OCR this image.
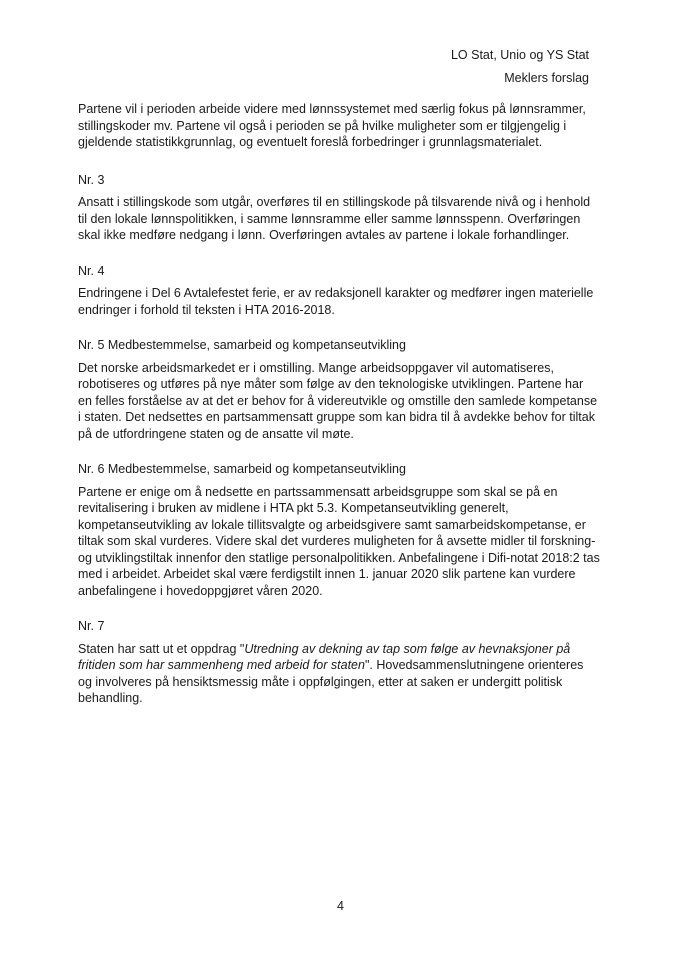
LO Stat, Unio og YS Stat
Meklers forslag

Partene vil i perioden arbeide videre med lønnssystemet med særlig fokus på lønnsrammer, stillingskoder mv. Partene vil også i perioden se på hvilke muligheter som er tilgjengelig i gjeldende statistikkgrunnlag, og eventuelt foreslå forbedringer i grunnlagsmaterialet.

Nr. 3

Ansatt i stillingskode som utgår, overføres til en stillingskode på tilsvarende nivå og i henhold til den lokale lønnspolitikken, i samme lønnsramme eller samme lønnsspenn. Overføringen skal ikke medføre nedgang i lønn. Overføringen avtales av partene i lokale forhandlinger.

Nr. 4

Endringene i Del 6 Avtalefestet ferie, er av redaksjonell karakter og medfører ingen materielle endringer i forhold til teksten i HTA 2016-2018.

Nr. 5 Medbestemmelse, samarbeid og kompetanseutvikling

Det norske arbeidsmarkedet er i omstilling. Mange arbeidsoppgaver vil automatiseres, robotiseres og utføres på nye måter som følge av den teknologiske utviklingen. Partene har en felles forståelse av at det er behov for å videreutvikle og omstille den samlede kompetanse i staten. Det nedsettes en partsammensatt gruppe som kan bidra til å avdekke behov for tiltak på de utfordringene staten og de ansatte vil møte.

Nr. 6 Medbestemmelse, samarbeid og kompetanseutvikling

Partene er enige om å nedsette en partssammensatt arbeidsgruppe som skal se på en revitalisering i bruken av midlene i HTA pkt 5.3. Kompetanseutvikling generelt, kompetanseutvikling av lokale tillitsvalgte og arbeidsgivere samt samarbeidskompetanse, er tiltak som skal vurderes. Videre skal det vurderes muligheten for å avsette midler til forskning- og utviklingstiltak innenfor den statlige personalpolitikken. Anbefalingene i Difi-notat 2018:2 tas med i arbeidet. Arbeidet skal være ferdigstilt innen 1. januar 2020 slik partene kan vurdere anbefalingene i hovedoppgjøret våren 2020.

Nr. 7

Staten har satt ut et oppdrag "Utredning av dekning av tap som følge av hevnaksjoner på fritiden som har sammenheng med arbeid for staten". Hovedsammenslutningene orienteres og involveres på hensiktsmessig måte i oppfølgingen, etter at saken er undergitt politisk behandling.

4
